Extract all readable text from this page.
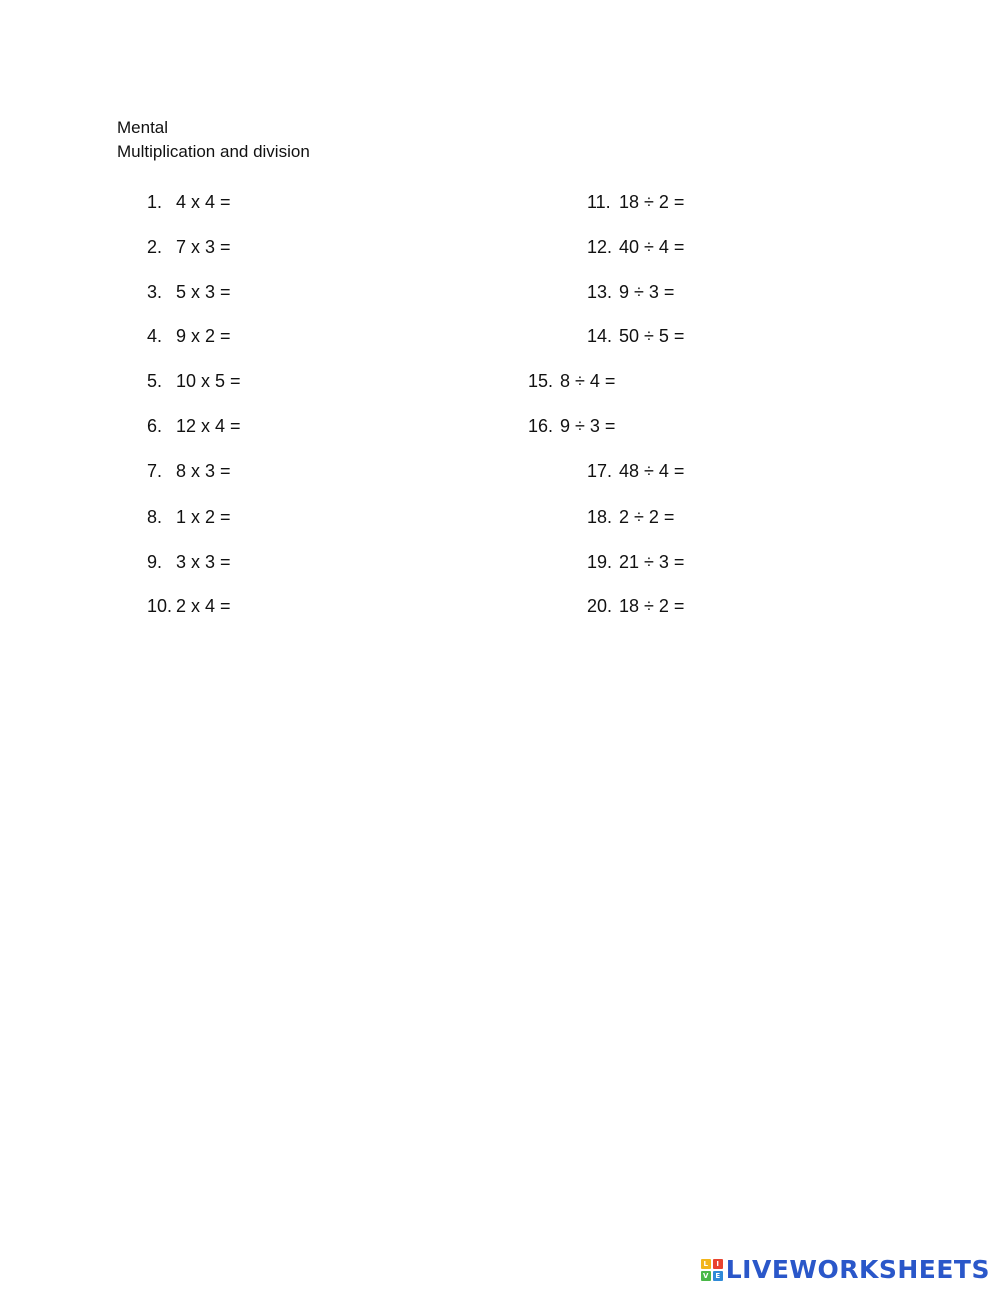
Mental
Multiplication and division
1. 4 x 4 =
2. 7 x 3 =
3. 5 x 3 =
4. 9 x 2 =
5. 10 x 5 =
6. 12 x 4 =
7. 8 x 3 =
8. 1 x 2 =
9. 3 x 3 =
10. 2 x 4 =
11. 18 ÷ 2 =
12. 40 ÷ 4 =
13. 9 ÷ 3 =
14. 50 ÷ 5 =
15. 8 ÷ 4 =
16. 9 ÷ 3 =
17. 48 ÷ 4 =
18. 2 ÷ 2 =
19. 21 ÷ 3 =
20. 18 ÷ 2 =
L	I
V E LIVEWORKSHEETS
